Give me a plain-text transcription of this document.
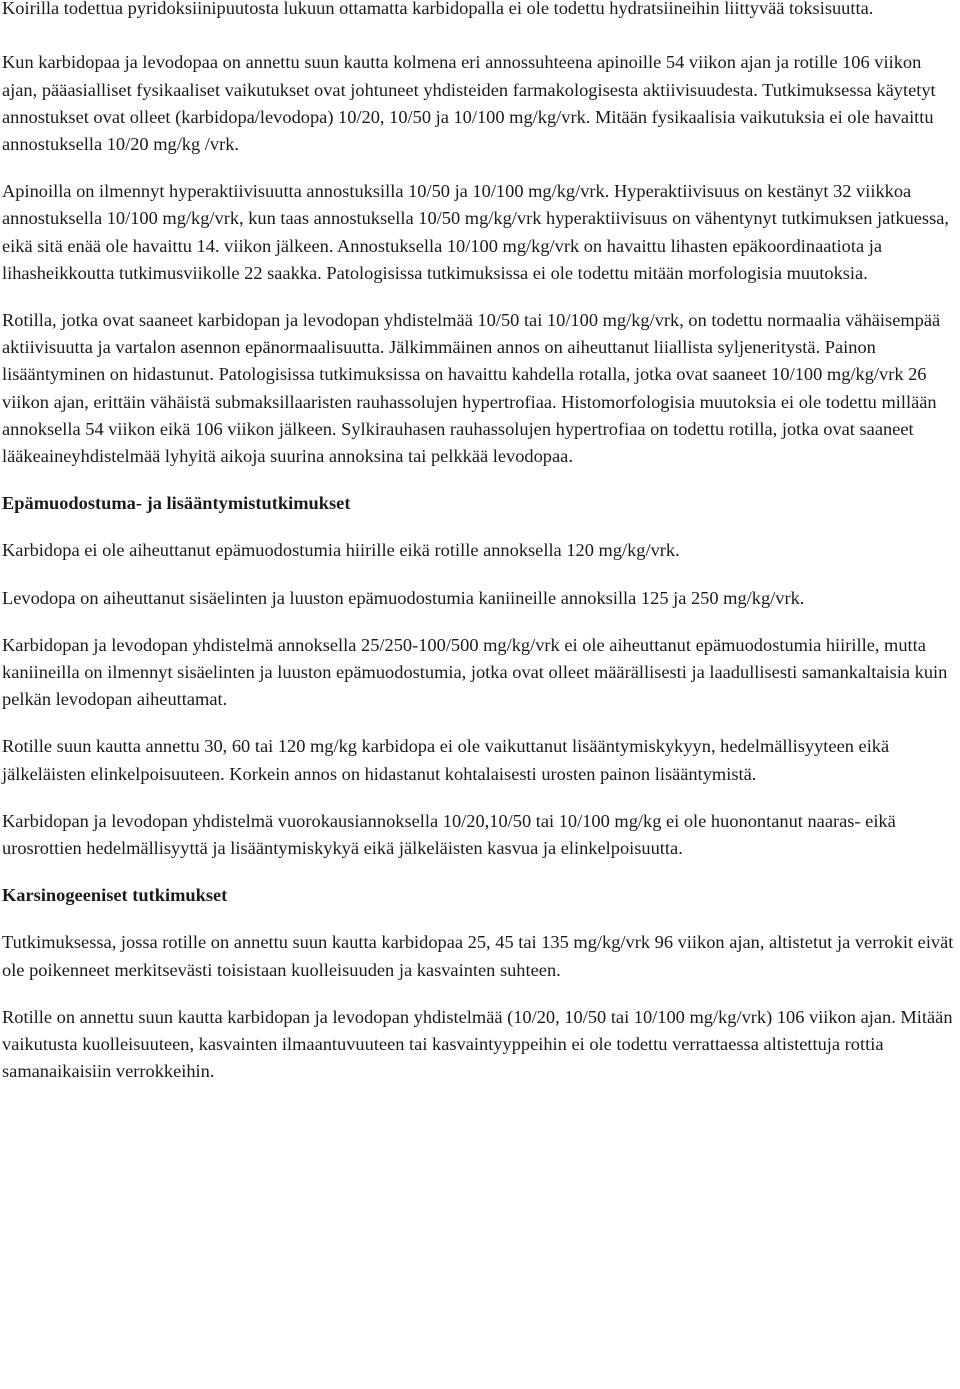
Koirilla todettua pyridoksiinipuutosta lukuun ottamatta karbidopalla ei ole todettu hydratsiineihin liittyvää toksisuutta.

Kun karbidopaa ja levodopaa on annettu suun kautta kolmena eri annossuhteena apinoille 54 viikon ajan ja rotille 106 viikon ajan, pääasialliset fysikaaliset vaikutukset ovat johtuneet yhdisteiden farmakologisesta aktiivisuudesta. Tutkimuksessa käytetyt annostukset ovat olleet (karbidopa/levodopa) 10/20, 10/50 ja 10/100 mg/kg/vrk. Mitään fysikaalisia vaikutuksia ei ole havaittu annostuksella 10/20 mg/kg /vrk.

Apinoilla on ilmennyt hyperaktiivisuutta annostuksilla 10/50 ja 10/100 mg/kg/vrk. Hyperaktiivisuus on kestänyt 32 viikkoa annostuksella 10/100 mg/kg/vrk, kun taas annostuksella 10/50 mg/kg/vrk hyperaktiivisuus on vähentynyt tutkimuksen jatkuessa, eikä sitä enää ole havaittu 14. viikon jälkeen. Annostuksella 10/100 mg/kg/vrk on havaittu lihasten epäkoordinaatiota ja lihasheikkoutta tutkimusviikolle 22 saakka. Patologisissa tutkimuksissa ei ole todettu mitään morfologisia muutoksia.

Rotilla, jotka ovat saaneet karbidopan ja levodopan yhdistelmää 10/50 tai 10/100 mg/kg/vrk, on todettu normaalia vähäisempää aktiivisuutta ja vartalon asennon epänormaalisuutta. Jälkimmäinen annos on aiheuttanut liiallista syljeneritystä. Painon lisääntyminen on hidastunut. Patologisissa tutkimuksissa on havaittu kahdella rotalla, jotka ovat saaneet 10/100 mg/kg/vrk 26 viikon ajan, erittäin vähäistä submaksillaaristen rauhassolujen hypertrofiaa. Histomorfologisia muutoksia ei ole todettu millään annoksella 54 viikon eikä 106 viikon jälkeen. Sylkirauhasen rauhassolujen hypertrofiaa on todettu rotilla, jotka ovat saaneet lääkeaineyhdistelmää lyhyitä aikoja suurina annoksina tai pelkkää levodopaa.

Epämuodostuma- ja lisääntymistutkimukset

Karbidopa ei ole aiheuttanut epämuodostumia hiirille eikä rotille annoksella 120 mg/kg/vrk.

Levodopa on aiheuttanut sisäelinten ja luuston epämuodostumia kaniineille annoksilla 125 ja 250 mg/kg/vrk.

Karbidopan ja levodopan yhdistelmä annoksella 25/250-100/500 mg/kg/vrk ei ole aiheuttanut epämuodostumia hiirille, mutta kaniineilla on ilmennyt sisäelinten ja luuston epämuodostumia, jotka ovat olleet määrällisesti ja laadullisesti samankaltaisia kuin pelkän levodopan aiheuttamat.

Rotille suun kautta annettu 30, 60 tai 120 mg/kg karbidopa ei ole vaikuttanut lisääntymiskykyyn, hedelmällisyyteen eikä jälkeläisten elinkelpoisuuteen. Korkein annos on hidastanut kohtalaisesti urosten painon lisääntymistä.

Karbidopan ja levodopan yhdistelmä vuorokausiannoksella 10/20,10/50 tai 10/100 mg/kg ei ole huonontanut naaras- eikä urosrottien hedelmällisyyttä ja lisääntymiskykyä eikä jälkeläisten kasvua ja elinkelpoisuutta.

Karsinogeeniset tutkimukset

Tutkimuksessa, jossa rotille on annettu suun kautta karbidopaa 25, 45 tai 135 mg/kg/vrk 96 viikon ajan, altistetut ja verrokit eivät ole poikenneet merkitsevästi toisistaan kuolleisuuden ja kasvainten suhteen.

Rotille on annettu suun kautta karbidopan ja levodopan yhdistelmää (10/20, 10/50 tai 10/100 mg/kg/vrk) 106 viikon ajan. Mitään vaikutusta kuolleisuuteen, kasvainten ilmaantuvuuteen tai kasvaintyyppeihin ei ole todettu verrattaessa altistettuja rottia samanaikaisiin verrokkeihin.
